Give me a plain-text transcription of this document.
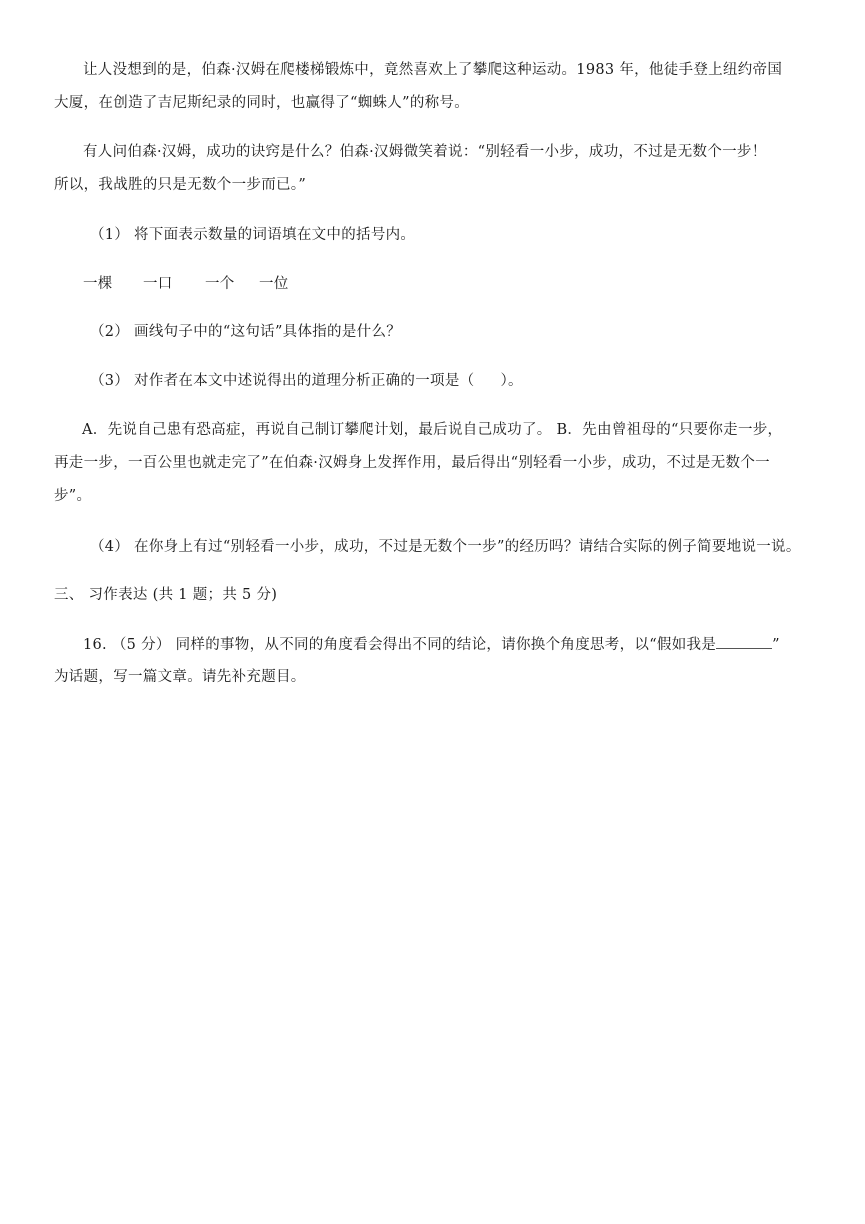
让人没想到的是，伯森·汉姆在爬楼梯锻炼中，竟然喜欢上了攀爬这种运动。1983 年，他徒手登上纽约帝国
大厦，在创造了吉尼斯纪录的同时，也赢得了“蜘蛛人”的称号。
有人问伯森·汉姆，成功的诀窍是什么？伯森·汉姆微笑着说：“别轻看一小步，成功，不过是无数个一步！
所以，我战胜的只是无数个一步而已。”
（1） 将下面表示数量的词语填在文中的括号内。
一棵	一口	一个	一位
（2） 画线句子中的“这句话”具体指的是什么？
（3） 对作者在本文中述说得出的道理分析正确的一项是（ ）。
A．先说自己患有恐高症，再说自己制订攀爬计划，最后说自己成功了。 B．先由曾祖母的“只要你走一步，
再走一步，一百公里也就走完了”在伯森·汉姆身上发挥作用，最后得出“别轻看一小步，成功，不过是无数个一
步”。
（4） 在你身上有过“别轻看一小步，成功，不过是无数个一步”的经历吗？请结合实际的例子简要地说一说。
三、 习作表达 (共 1 题；共 5 分)
16. （5 分） 同样的事物，从不同的角度看会得出不同的结论，请你换个角度思考，以“假如我是	”
为话题，写一篇文章。请先补充题目。
